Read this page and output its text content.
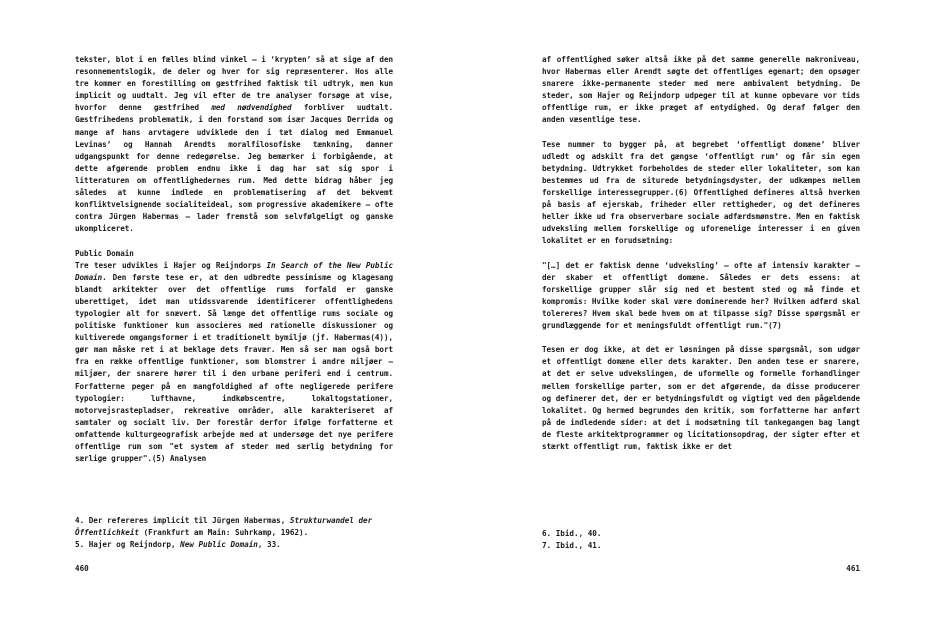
tekster, blot i en fælles blind vinkel — i ‘krypten’ så at sige af den resonnementslogik, de deler og hver for sig repræsenterer. Hos alle tre kommer en forestilling om gæstfrihed faktisk til udtryk, men kun implicit og uudtalt. Jeg vil efter de tre analyser forsøge at vise, hvorfor denne gæstfrihed med nødvendighed forbliver uudtalt. Gæstfrihedens problematik, i den forstand som især Jacques Derrida og mange af hans arvtagere udviklede den i tæt dialog med Emmanuel Levinas’ og Hannah Arendts moralfilosofiske tænkning, danner udgangspunkt for denne redegørelse. Jeg bemærker i forbigående, at dette afgørende problem endnu ikke i dag har sat sig spor i litteraturen om offentlighedernes rum. Med dette bidrag håber jeg således at kunne indlede en problematisering af det bekvemt konfliktvelsignende socialiteideal, som progressive akademikere — ofte contra Jürgen Habermas — lader fremstå som selvfølgeligt og ganske ukompliceret.

Public Domain

Tre teser udvikles i Hajer og Reijndorps In Search of the New Public Domain. Den første tese er, at den udbredte pessimisme og klagesang blandt arkitekter over det offentlige rums forfald er ganske uberettiget, idet man utidssvarende identificerer offentlighedens typologier alt for snævert. Så længe det offentlige rums sociale og politiske funktioner kun associeres med rationelle diskussioner og kultiverede omgangsformer i et traditionelt bymiljø (jf. Habermas(4)), gør man måske ret i at beklage dets fravær. Men så ser man også bort fra en række offentlige funktioner, som blomstrer i andre miljøer — miljøer, der snarere hører til i den urbane periferi end i centrum. Forfatterne peger på en mangfoldighed af ofte negligerede perifere typologier: lufthavne, indkøbscentre, lokaltogstationer, motorvejsrastepladser, rekreative områder, alle karakteriseret af samtaler og socialt liv. Der forestår derfor ifølge forfatterne et omfattende kulturgeografisk arbejde med at undersøge det nye perifere offentlige rum som "et system af steder med særlig betydning for særlige grupper".(5) Analysen

4. Der refereres implicit til Jürgen Habermas, Strukturwandel der Öffentlichkeit (Frankfurt am Main: Suhrkamp, 1962).
5. Hajer og Reijndorp, New Public Domain, 33.
460

af offentlighed søker altså ikke på det samme generelle makroniveau, hvor Habermas eller Arendt søgte det offentliges egenart; den opsøger snarere ikke-permanente steder med mere ambivalent betydning. De steder, som Hajer og Reijndorp udpeger til at kunne opbevare vor tids offentlige rum, er ikke præget af entydighed. Og deraf følger den anden væsentlige tese.

Tese nummer to bygger på, at begrebet ‘offentligt domæne’ bliver udledt og adskilt fra det gængse ‘offentligt rum’ og får sin egen betydning. Udtrykket forbeholdes de steder eller lokaliteter, som kan bestemmes ud fra de siturede betydningsdyster, der udkæmpes mellem forskellige interessegrupper.(6) Offentlighed defineres altså hverken på basis af ejerskab, friheder eller rettigheder, og det defineres heller ikke ud fra observerbare sociale adfærdsmønstre. Men en faktisk udveksling mellem forskellige og uforenelige interesser i en given lokalitet er en forudsætning:

"[…] det er faktisk denne ‘udveksling’ — ofte af intensiv karakter — der skaber et offentligt domæne. Således er dets essens: at forskellige grupper slår sig ned et bestemt sted og må finde et kompromis: Hvilke koder skal være dominerende her? Hvilken adfærd skal tolereres? Hvem skal bede hvem om at tilpasse sig? Disse spørgsmål er grundlæggende for et meningsfuldt offentligt rum."(7)

Tesen er dog ikke, at det er løsningen på disse spørgsmål, som udgør et offentligt domæne eller dets karakter. Den anden tese er snarere, at det er selve udvekslingen, de uformelle og formelle forhandlinger mellem forskellige parter, som er det afgørende, da disse producerer og definerer det, der er betydningsfuldt og vigtigt ved den pågældende lokalitet. Og hermed begrundes den kritik, som forfatterne har anført på de indledende sider: at det i modsætning til tankegangen bag langt de fleste arkitektprogrammer og licitationsopdrag, der sigter efter et stærkt offentligt rum, faktisk ikke er det

6. Ibid., 40.
7. Ibid., 41.
461
